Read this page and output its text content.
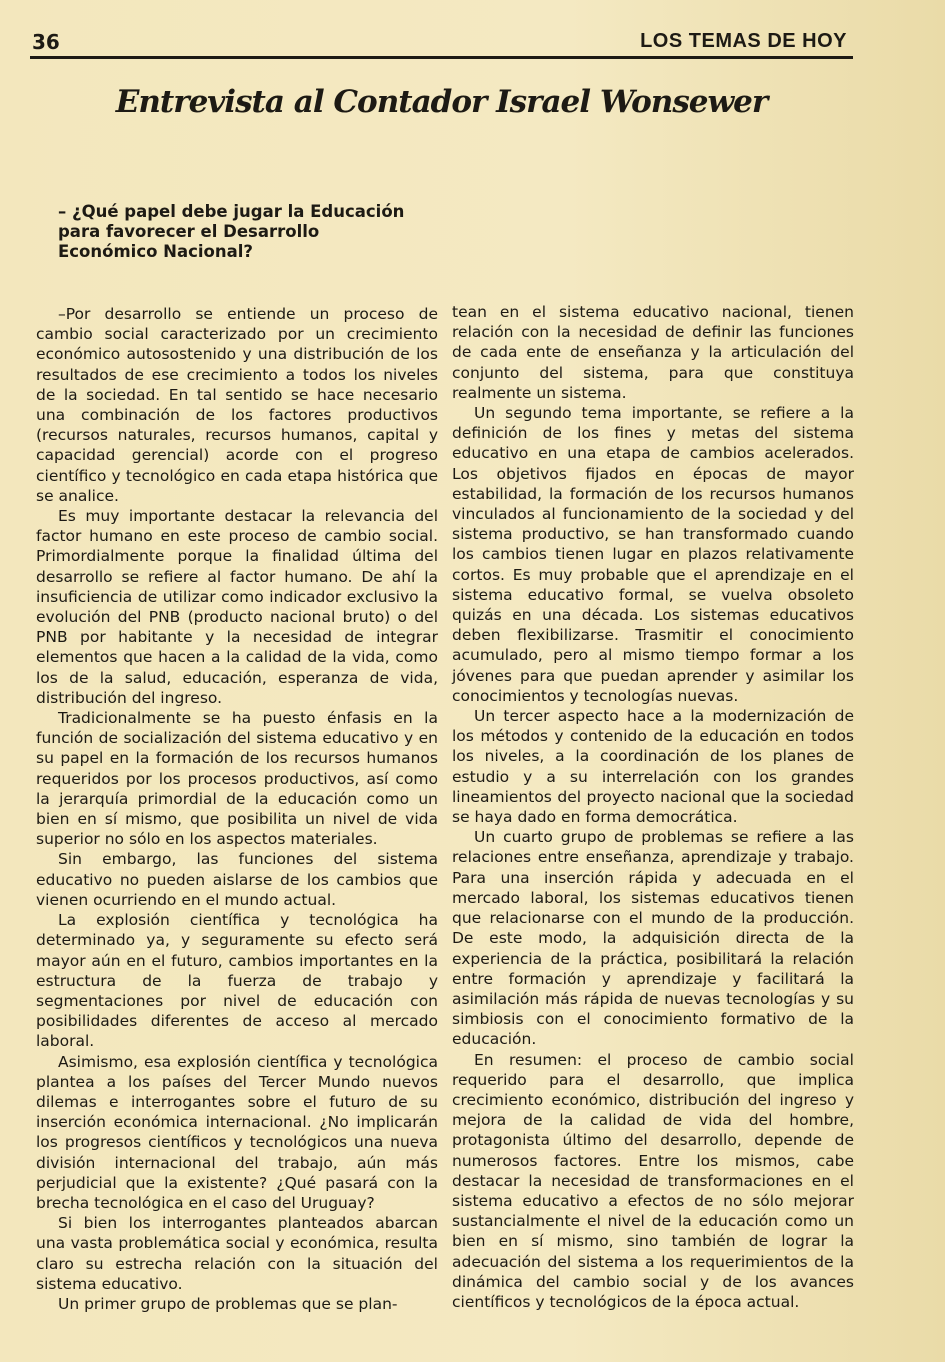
36	LOS TEMAS DE HOY
Entrevista al Contador Israel Wonsewer

– ¿Qué papel debe jugar la Educación para favorecer el Desarrollo Económico Nacional?

–Por desarrollo se entiende un proceso de cambio social caracterizado por un crecimiento económico autosostenido y una distribución de los resultados de ese crecimiento a todos los niveles de la sociedad. En tal sentido se hace necesario una combinación de los factores productivos (recursos naturales, recursos humanos, capital y capacidad gerencial) acorde con el progreso científico y tecnológico en cada etapa histórica que se analice.

Es muy importante destacar la relevancia del factor humano en este proceso de cambio social. Primordialmente porque la finalidad última del desarrollo se refiere al factor humano. De ahí la insuficiencia de utilizar como indicador exclusivo la evolución del PNB (producto nacional bruto) o del PNB por habitante y la necesidad de integrar elementos que hacen a la calidad de la vida, como los de la salud, educación, esperanza de vida, distribución del ingreso.

Tradicionalmente se ha puesto énfasis en la función de socialización del sistema educativo y en su papel en la formación de los recursos humanos requeridos por los procesos productivos, así como la jerarquía primordial de la educación como un bien en sí mismo, que posibilita un nivel de vida superior no sólo en los aspectos materiales.

Sin embargo, las funciones del sistema educativo no pueden aislarse de los cambios que vienen ocurriendo en el mundo actual.

La explosión científica y tecnológica ha determinado ya, y seguramente su efecto será mayor aún en el futuro, cambios importantes en la estructura de la fuerza de trabajo y segmentaciones por nivel de educación con posibilidades diferentes de acceso al mercado laboral.

Asimismo, esa explosión científica y tecnológica plantea a los países del Tercer Mundo nuevos dilemas e interrogantes sobre el futuro de su inserción económica internacional. ¿No implicarán los progresos científicos y tecnológicos una nueva división internacional del trabajo, aún más perjudicial que la existente? ¿Qué pasará con la brecha tecnológica en el caso del Uruguay?

Si bien los interrogantes planteados abarcan una vasta problemática social y económica, resulta claro su estrecha relación con la situación del sistema educativo.

Un primer grupo de problemas que se plan-

tean en el sistema educativo nacional, tienen relación con la necesidad de definir las funciones de cada ente de enseñanza y la articulación del conjunto del sistema, para que constituya realmente un sistema.

Un segundo tema importante, se refiere a la definición de los fines y metas del sistema educativo en una etapa de cambios acelerados. Los objetivos fijados en épocas de mayor estabilidad, la formación de los recursos humanos vinculados al funcionamiento de la sociedad y del sistema productivo, se han transformado cuando los cambios tienen lugar en plazos relativamente cortos. Es muy probable que el aprendizaje en el sistema educativo formal, se vuelva obsoleto quizás en una década. Los sistemas educativos deben flexibilizarse. Trasmitir el conocimiento acumulado, pero al mismo tiempo formar a los jóvenes para que puedan aprender y asimilar los conocimientos y tecnologías nuevas.

Un tercer aspecto hace a la modernización de los métodos y contenido de la educación en todos los niveles, a la coordinación de los planes de estudio y a su interrelación con los grandes lineamientos del proyecto nacional que la sociedad se haya dado en forma democrática.

Un cuarto grupo de problemas se refiere a las relaciones entre enseñanza, aprendizaje y trabajo. Para una inserción rápida y adecuada en el mercado laboral, los sistemas educativos tienen que relacionarse con el mundo de la producción. De este modo, la adquisición directa de la experiencia de la práctica, posibilitará la relación entre formación y aprendizaje y facilitará la asimilación más rápida de nuevas tecnologías y su simbiosis con el conocimiento formativo de la educación.

En resumen: el proceso de cambio social requerido para el desarrollo, que implica crecimiento económico, distribución del ingreso y mejora de la calidad de vida del hombre, protagonista último del desarrollo, depende de numerosos factores. Entre los mismos, cabe destacar la necesidad de transformaciones en el sistema educativo a efectos de no sólo mejorar sustancialmente el nivel de la educación como un bien en sí mismo, sino también de lograr la adecuación del sistema a los requerimientos de la dinámica del cambio social y de los avances científicos y tecnológicos de la época actual.
